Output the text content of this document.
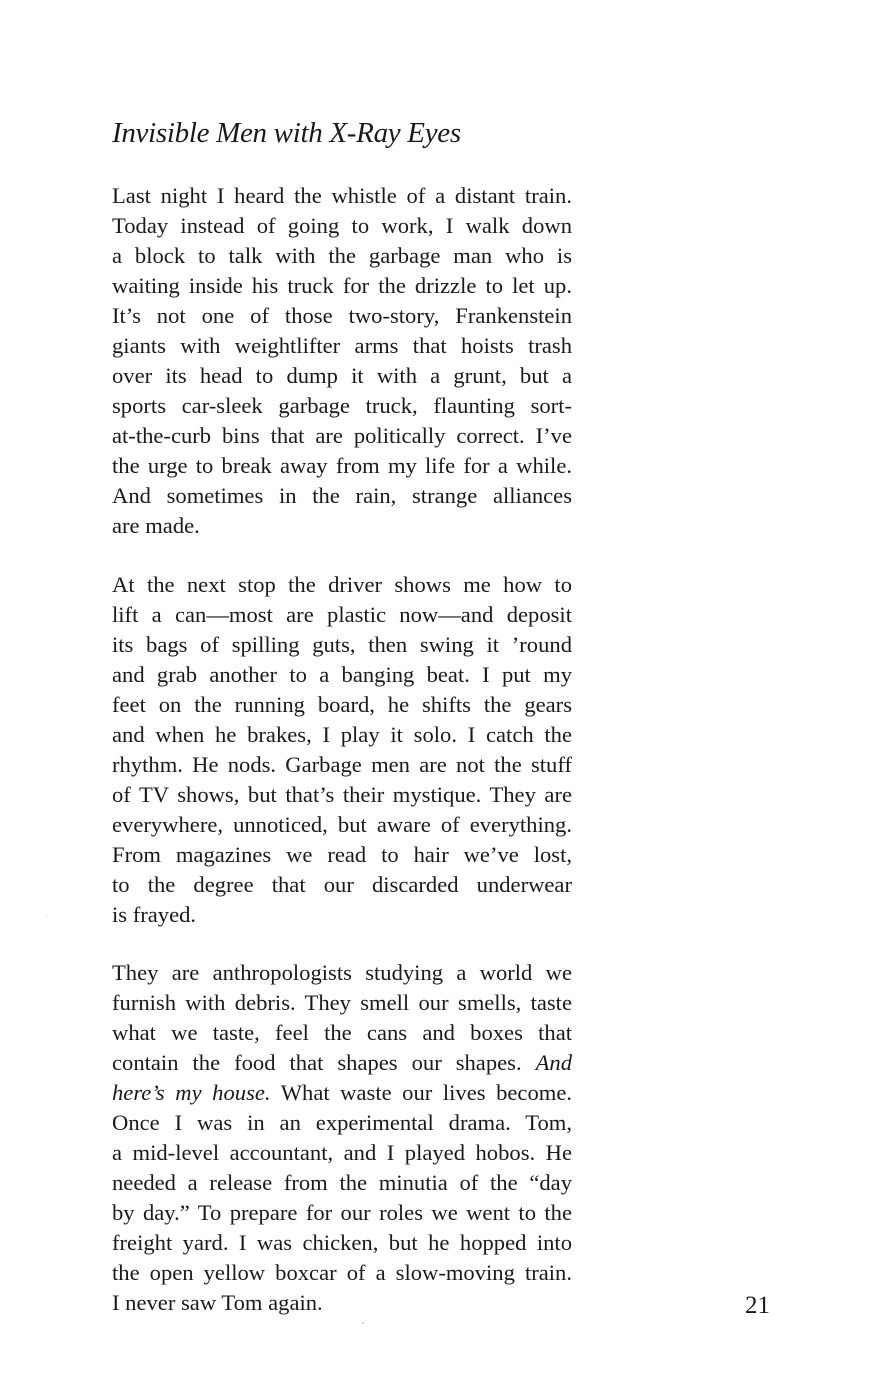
Invisible Men with X-Ray Eyes
Last night I heard the whistle of a distant train.
Today instead of going to work, I walk down
a block to talk with the garbage man who is
waiting inside his truck for the drizzle to let up.
It’s not one of those two-story, Frankenstein
giants with weightlifter arms that hoists trash
over its head to dump it with a grunt, but a
sports car-sleek garbage truck, flaunting sort-
at-the-curb bins that are politically correct. I’ve
the urge to break away from my life for a while.
And sometimes in the rain, strange alliances
are made.
At the next stop the driver shows me how to
lift a can—most are plastic now—and deposit
its bags of spilling guts, then swing it ’round
and grab another to a banging beat. I put my
feet on the running board, he shifts the gears
and when he brakes, I play it solo. I catch the
rhythm. He nods. Garbage men are not the stuff
of TV shows, but that’s their mystique. They are
everywhere, unnoticed, but aware of everything.
From magazines we read to hair we’ve lost,
to the degree that our discarded underwear
is frayed.
They are anthropologists studying a world we
furnish with debris. They smell our smells, taste
what we taste, feel the cans and boxes that
contain the food that shapes our shapes. And
here’s my house. What waste our lives become.
Once I was in an experimental drama. Tom,
a mid-level accountant, and I played hobos. He
needed a release from the minutia of the “day
by day.” To prepare for our roles we went to the
freight yard. I was chicken, but he hopped into
the open yellow boxcar of a slow-moving train.
I never saw Tom again.	21
